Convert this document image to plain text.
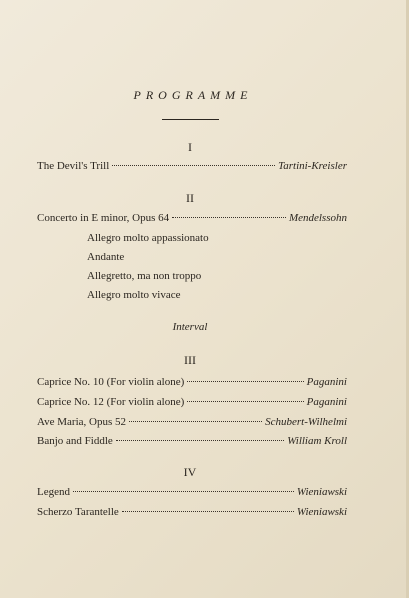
PROGRAMME
I
The Devil's Trill	Tartini-Kreisler
II
Concerto in E minor, Opus 64	Mendelssohn
Allegro molto appassionato
Andante
Allegretto, ma non troppo
Allegro molto vivace
Interval
III
Caprice No. 10 (For violin alone)	Paganini
Caprice No. 12 (For violin alone)	Paganini
Ave Maria, Opus 52	Schubert-Wilhelmi
Banjo and Fiddle	William Kroll
IV
Legend	Wieniawski
Scherzo Tarantelle	Wieniawski
